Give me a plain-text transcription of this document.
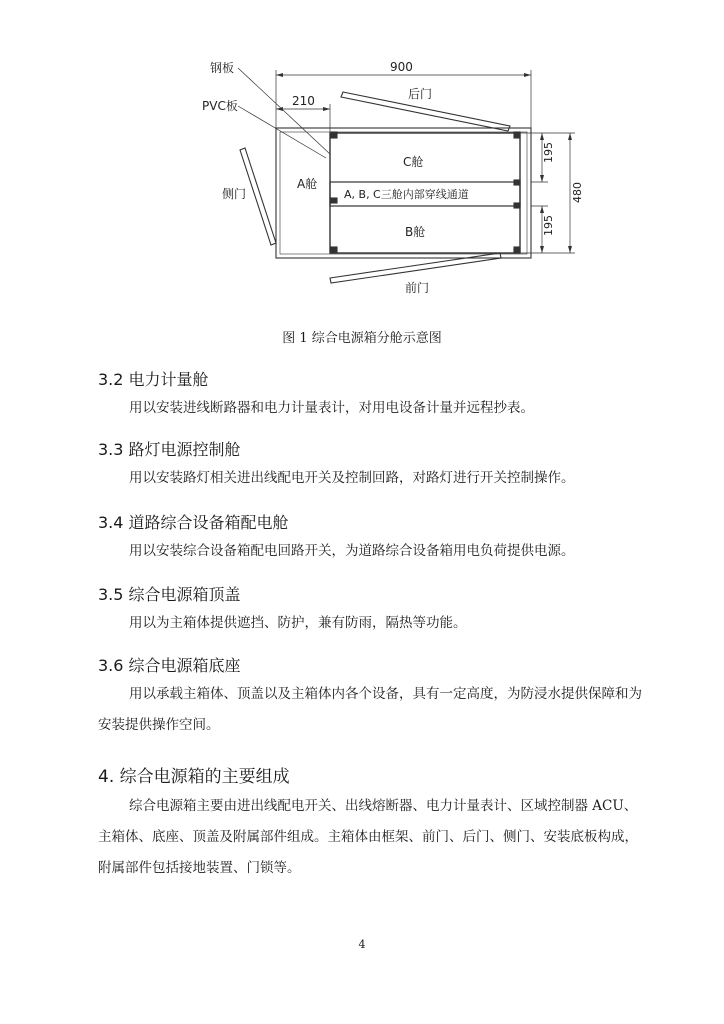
钢板
PVC板
900
210	后门
侧门
前门
A舱
C舱
B舱
A, B, C三舱内部穿线通道
195
195
480
图 1 综合电源箱分舱示意图
3.2 电力计量舱

用以安装进线断路器和电力计量表计，对用电设备计量并远程抄表。

3.3 路灯电源控制舱

用以安装路灯相关进出线配电开关及控制回路，对路灯进行开关控制操作。

3.4 道路综合设备箱配电舱

用以安装综合设备箱配电回路开关，为道路综合设备箱用电负荷提供电源。

3.5 综合电源箱顶盖

用以为主箱体提供遮挡、防护，兼有防雨，隔热等功能。

3.6 综合电源箱底座

用以承载主箱体、顶盖以及主箱体内各个设备，具有一定高度，为防浸水提供保障和为安装提供操作空间。

4. 综合电源箱的主要组成

综合电源箱主要由进出线配电开关、出线熔断器、电力计量表计、区域控制器 ACU、主箱体、底座、顶盖及附属部件组成。主箱体由框架、前门、后门、侧门、安装底板构成，附属部件包括接地装置、门锁等。

4
